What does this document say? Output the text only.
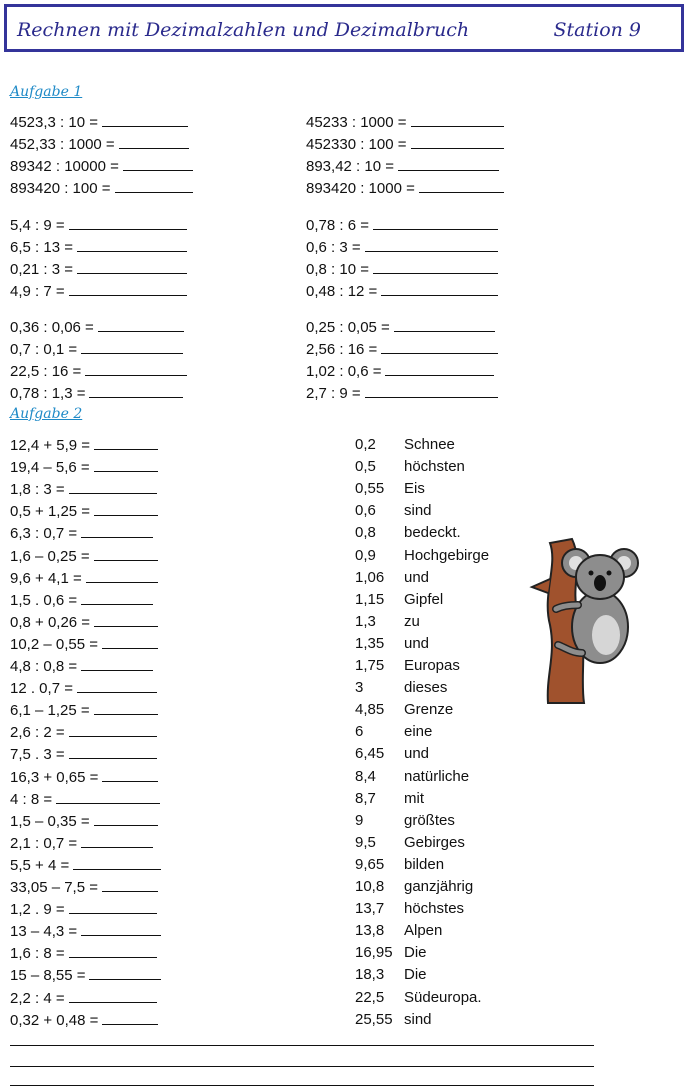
Rechnen mit Dezimalzahlen und Dezimalbruch	Station 9
Aufgabe 1
4523,3 : 10 =
452,33 : 1000 =
89342 : 10000 =
893420 : 100 =
45233 : 1000 =
452330 : 100 =
893,42 : 10 =
893420 : 1000 =
5,4 : 9 =
6,5 : 13 =
0,21 : 3 =
4,9 : 7 =
0,78 : 6 =
0,6 : 3 =
0,8 : 10 =
0,48 : 12 =
0,36 : 0,06 =
0,7 : 0,1 =
22,5 : 16 =
0,78 : 1,3 =
0,25 : 0,05 =
2,56 : 16 =
1,02 : 0,6 =
2,7 : 9 =
Aufgabe 2
12,4 + 5,9 =
19,4 – 5,6 =
1,8 : 3 =
0,5 + 1,25 =
6,3 : 0,7 =
1,6 – 0,25 =
9,6 + 4,1 =
1,5 . 0,6 =
0,8 + 0,26 =
10,2 – 0,55 =
4,8 : 0,8 =
12 . 0,7 =
6,1 – 1,25 =
2,6 : 2 =
7,5 . 3 =
16,3 + 0,65 =
4 : 8 =
1,5 – 0,35 =
2,1 : 0,7 =
5,5 + 4 =
33,05 – 7,5 =
1,2 . 9 =
13 – 4,3 =
1,6 : 8 =
15 – 8,55 =
2,2 : 4 =
0,32 + 0,48 =
0,2 Schnee
0,5 höchsten
0,55 Eis
0,6 sind
0,8 bedeckt.
0,9 Hochgebirge
1,06 und
1,15 Gipfel
1,3 zu
1,35 und
1,75 Europas
3	dieses
4,85 Grenze
6	eine
6,45 und
8,4 natürliche
8,7 mit
9	größtes
9,5 Gebirges
9,65 bilden
10,8 ganzjährig
13,7 höchstes
13,8 Alpen
16,95 Die
18,3 Die
22,5 Südeuropa.
25,55 sind
